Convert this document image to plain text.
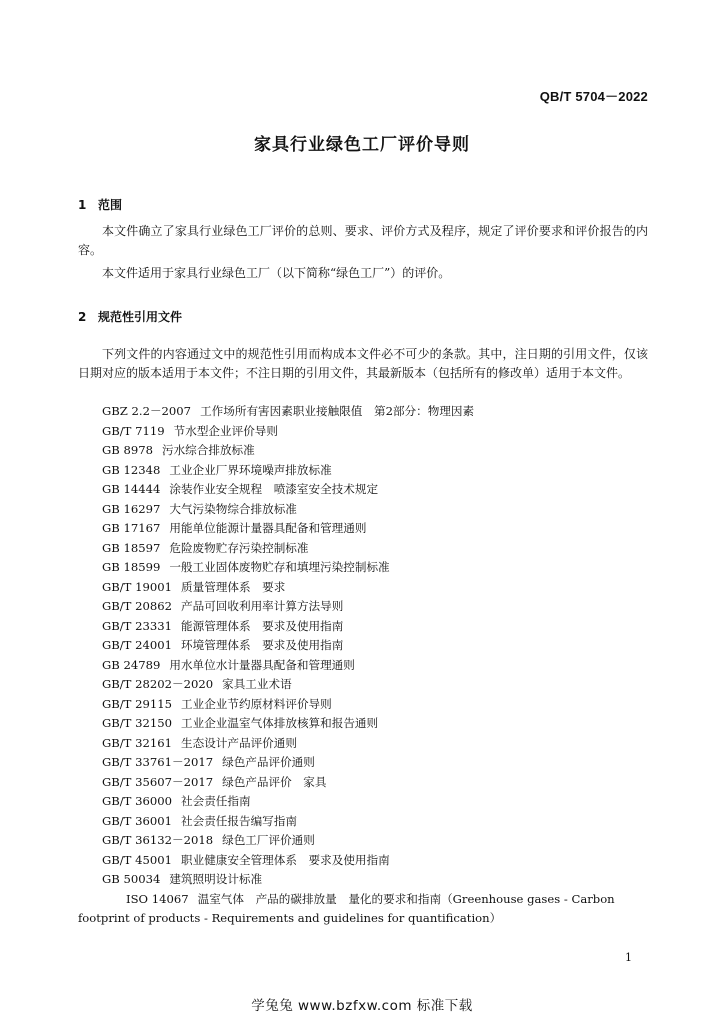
QB/T 5704－2022
家具行业绿色工厂评价导则
1 范围

本文件确立了家具行业绿色工厂评价的总则、要求、评价方式及程序，规定了评价要求和评价报告的内容。

本文件适用于家具行业绿色工厂（以下简称“绿色工厂”）的评价。

2 规范性引用文件

下列文件的内容通过文中的规范性引用而构成本文件必不可少的条款。其中，注日期的引用文件，仅该日期对应的版本适用于本文件；不注日期的引用文件，其最新版本（包括所有的修改单）适用于本文件。

GBZ 2.2－2007 工作场所有害因素职业接触限值　第2部分：物理因素
GB/T 7119 节水型企业评价导则
GB 8978 污水综合排放标准
GB 12348 工业企业厂界环境噪声排放标准
GB 14444 涂装作业安全规程　喷漆室安全技术规定
GB 16297 大气污染物综合排放标准
GB 17167 用能单位能源计量器具配备和管理通则
GB 18597 危险废物贮存污染控制标准
GB 18599 一般工业固体废物贮存和填埋污染控制标准
GB/T 19001 质量管理体系　要求
GB/T 20862 产品可回收利用率计算方法导则
GB/T 23331 能源管理体系　要求及使用指南
GB/T 24001 环境管理体系　要求及使用指南
GB 24789 用水单位水计量器具配备和管理通则
GB/T 28202－2020 家具工业术语
GB/T 29115 工业企业节约原材料评价导则
GB/T 32150 工业企业温室气体排放核算和报告通则
GB/T 32161 生态设计产品评价通则
GB/T 33761－2017 绿色产品评价通则
GB/T 35607－2017 绿色产品评价　家具
GB/T 36000 社会责任指南
GB/T 36001 社会责任报告编写指南
GB/T 36132－2018 绿色工厂评价通则
GB/T 45001 职业健康安全管理体系　要求及使用指南
GB 50034 建筑照明设计标准
ISO 14067 温室气体　产品的碳排放量　量化的要求和指南（Greenhouse gases - Carbon footprint of products - Requirements and guidelines for quantification）
1
学兔兔 www.bzfxw.com 标准下载
